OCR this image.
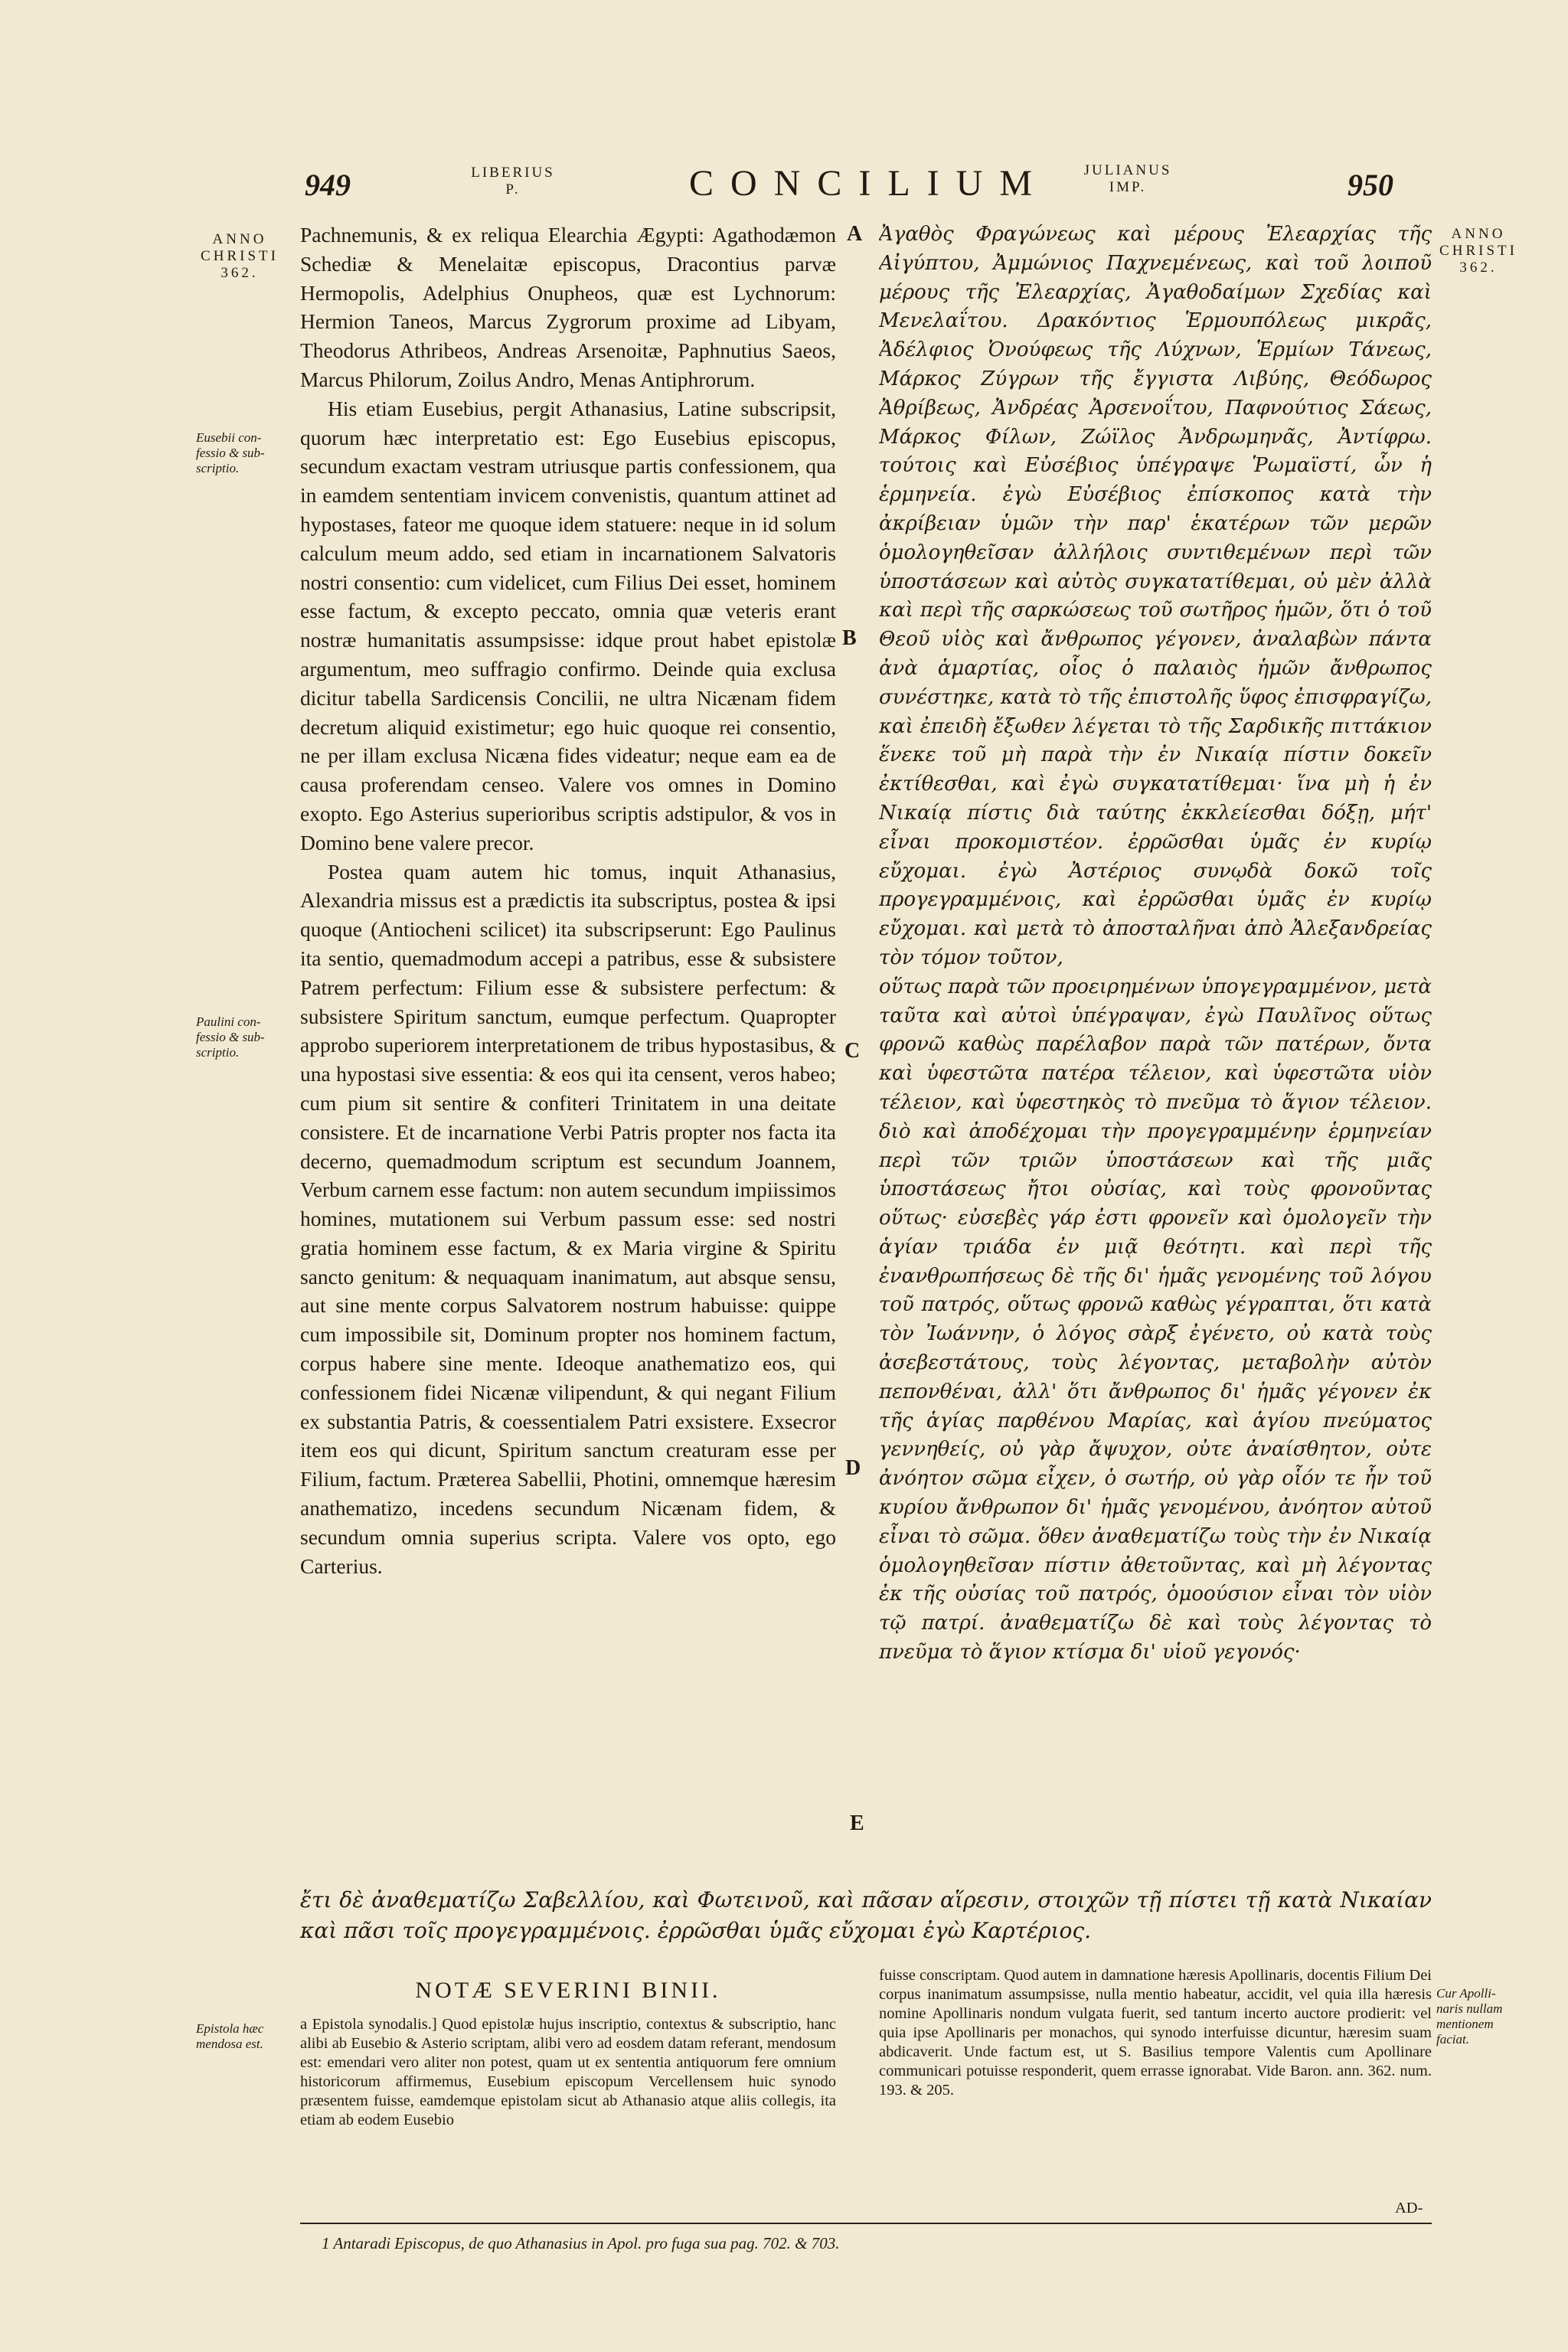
949	LIBERIUS
P.	CONCILIUM	JULIANUS
IMP.	950
ANNO
CHRISTI
362.
Eusebii con-
fessio & sub-
scriptio.
Paulini con-
fessio & sub-
scriptio.
Epistola hæc
mendosa est.
ANNO
CHRISTI
362.
Cur Apolli-
naris nullam
mentionem
faciat.
A
B
C
D
E

Pachnemunis, & ex reliqua Elearchia Ægypti: Agathodæmon Schediæ & Menelaitæ episcopus, Dracontius parvæ Hermopolis, Adelphius Onupheos, quæ est Lychnorum: Hermion Taneos, Marcus Zygrorum proxime ad Libyam, Theodorus Athribeos, Andreas Arsenoitæ, Paphnutius Saeos, Marcus Philorum, Zoilus Andro, Menas Antiphrorum.

His etiam Eusebius, pergit Athanasius, Latine subscripsit, quorum hæc interpretatio est: Ego Eusebius episcopus, secundum exactam vestram utriusque partis confessionem, qua in eamdem sententiam invicem convenistis, quantum attinet ad hypostases, fateor me quoque idem statuere: neque in id solum calculum meum addo, sed etiam in incarnationem Salvatoris nostri consentio: cum videlicet, cum Filius Dei esset, hominem esse factum, & excepto peccato, omnia quæ veteris erant nostræ humanitatis assumpsisse: idque prout habet epistolæ argumentum, meo suffragio confirmo. Deinde quia exclusa dicitur tabella Sardicensis Concilii, ne ultra Nicænam fidem decretum aliquid existimetur; ego huic quoque rei consentio, ne per illam exclusa Nicæna fides videatur; neque eam ea de causa proferendam censeo. Valere vos omnes in Domino exopto. Ego Asterius superioribus scriptis adstipulor, & vos in Domino bene valere precor.

Postea quam autem hic tomus, inquit Athanasius, Alexandria missus est a prædictis ita subscriptus, postea & ipsi quoque (Antiocheni scilicet) ita subscripserunt: Ego Paulinus ita sentio, quemadmodum accepi a patribus, esse & subsistere Patrem perfectum: Filium esse & subsistere perfectum: & subsistere Spiritum sanctum, eumque perfectum. Quapropter approbo superiorem interpretationem de tribus hypostasibus, & una hypostasi sive essentia: & eos qui ita censent, veros habeo; cum pium sit sentire & confiteri Trinitatem in una deitate consistere. Et de incarnatione Verbi Patris propter nos facta ita decerno, quemadmodum scriptum est secundum Joannem, Verbum carnem esse factum: non autem secundum impiissimos homines, mutationem sui Verbum passum esse: sed nostri gratia hominem esse factum, & ex Maria virgine & Spiritu sancto genitum: & nequaquam inanimatum, aut absque sensu, aut sine mente corpus Salvatorem nostrum habuisse: quippe cum impossibile sit, Dominum propter nos hominem factum, corpus habere sine mente. Ideoque anathematizo eos, qui confessionem fidei Nicænæ vilipendunt, & qui negant Filium ex substantia Patris, & coessentialem Patri exsistere. Exsecror item eos qui dicunt, Spiritum sanctum creaturam esse per Filium, factum. Præterea Sabellii, Photini, omnemque hæresim anathematizo, incedens secundum Nicænam fidem, & secundum omnia superius scripta. Valere vos opto, ego Carterius.

Ἀγαθὸς Φραγώνεως καὶ μέρους Ἐλεαρχίας τῆς Αἰγύπτου, Ἀμμώνιος Παχνεμένεως, καὶ τοῦ λοιποῦ μέρους τῆς Ἐλεαρχίας, Ἀγαθοδαίμων Σχεδίας καὶ Μενελαΐτου. Δρακόντιος Ἑρμουπόλεως μικρᾶς, Ἀδέλφιος Ὀνούφεως τῆς Λύχνων, Ἑρμίων Τάνεως, Μάρκος Ζύγρων τῆς ἔγγιστα Λιβύης, Θεόδωρος Ἀθρίβεως, Ἀνδρέας Ἀρσενοΐτου, Παφνούτιος Σάεως, Μάρκος Φίλων, Ζώϊλος Ἀνδρωμηνᾶς, Ἀντίφρω. τούτοις καὶ Εὐσέβιος ὑπέγραψε Ῥωμαϊστί, ὧν ἡ ἑρμηνεία. ἐγὼ Εὐσέβιος ἐπίσκοπος κατὰ τὴν ἀκρίβειαν ὑμῶν τὴν παρ' ἑκατέρων τῶν μερῶν ὁμολογηθεῖσαν ἀλλήλοις συντιθεμένων περὶ τῶν ὑποστάσεων καὶ αὐτὸς συγκατατίθεμαι, οὐ μὲν ἀλλὰ καὶ περὶ τῆς σαρκώσεως τοῦ σωτῆρος ἡμῶν, ὅτι ὁ τοῦ Θεοῦ υἱὸς καὶ ἄνθρωπος γέγονεν, ἀναλαβὼν πάντα ἀνὰ ἁμαρτίας, οἷος ὁ παλαιὸς ἡμῶν ἄνθρωπος συνέστηκε, κατὰ τὸ τῆς ἐπιστολῆς ὕφος ἐπισφραγίζω, καὶ ἐπειδὴ ἔξωθεν λέγεται τὸ τῆς Σαρδικῆς πιττάκιον ἕνεκε τοῦ μὴ παρὰ τὴν ἐν Νικαίᾳ πίστιν δοκεῖν ἐκτίθεσθαι, καὶ ἐγὼ συγκατατίθεμαι· ἵνα μὴ ἡ ἐν Νικαίᾳ πίστις διὰ ταύτης ἐκκλείεσθαι δόξῃ, μήτ' εἶναι προκομιστέον. ἐρρῶσθαι ὑμᾶς ἐν κυρίῳ εὔχομαι. ἐγὼ Ἀστέριος συνῳδὰ δοκῶ τοῖς προγεγραμμένοις, καὶ ἐρρῶσθαι ὑμᾶς ἐν κυρίῳ εὔχομαι. καὶ μετὰ τὸ ἀποσταλῆναι ἀπὸ Ἀλεξανδρείας τὸν τόμον τοῦτον,

οὕτως παρὰ τῶν προειρημένων ὑπογεγραμμένον, μετὰ ταῦτα καὶ αὐτοὶ ὑπέγραψαν, ἐγὼ Παυλῖνος οὕτως φρονῶ καθὼς παρέλαβον παρὰ τῶν πατέρων, ὄντα καὶ ὑφεστῶτα πατέρα τέλειον, καὶ ὑφεστῶτα υἱὸν τέλειον, καὶ ὑφεστηκὸς τὸ πνεῦμα τὸ ἅγιον τέλειον. διὸ καὶ ἀποδέχομαι τὴν προγεγραμμένην ἑρμηνείαν περὶ τῶν τριῶν ὑποστάσεων καὶ τῆς μιᾶς ὑποστάσεως ἤτοι οὐσίας, καὶ τοὺς φρονοῦντας οὕτως· εὐσεβὲς γάρ ἐστι φρονεῖν καὶ ὁμολογεῖν τὴν ἁγίαν τριάδα ἐν μιᾷ θεότητι. καὶ περὶ τῆς ἐνανθρωπήσεως δὲ τῆς δι' ἡμᾶς γενομένης τοῦ λόγου τοῦ πατρός, οὕτως φρονῶ καθὼς γέγραπται, ὅτι κατὰ τὸν Ἰωάννην, ὁ λόγος σὰρξ ἐγένετο, οὐ κατὰ τοὺς ἀσεβεστάτους, τοὺς λέγοντας, μεταβολὴν αὐτὸν πεπονθέναι, ἀλλ' ὅτι ἄνθρωπος δι' ἡμᾶς γέγονεν ἐκ τῆς ἁγίας παρθένου Μαρίας, καὶ ἁγίου πνεύματος γεννηθείς, οὐ γὰρ ἄψυχον, οὐτε ἀναίσθητον, οὐτε ἀνόητον σῶμα εἶχεν, ὁ σωτήρ, οὐ γὰρ οἷόν τε ἦν τοῦ κυρίου ἄνθρωπον δι' ἡμᾶς γενομένου, ἀνόητον αὐτοῦ εἶναι τὸ σῶμα. ὅθεν ἀναθεματίζω τοὺς τὴν ἐν Νικαίᾳ ὁμολογηθεῖσαν πίστιν ἀθετοῦντας, καὶ μὴ λέγοντας ἐκ τῆς οὐσίας τοῦ πατρός, ὁμοούσιον εἶναι τὸν υἱὸν τῷ πατρί. ἀναθεματίζω δὲ καὶ τοὺς λέγοντας τὸ πνεῦμα τὸ ἅγιον κτίσμα δι' υἱοῦ γεγονός·

ἔτι δὲ ἀναθεματίζω Σαβελλίου, καὶ Φωτεινοῦ, καὶ πᾶσαν αἵρεσιν, στοιχῶν τῇ πίστει τῇ κατὰ Νικαίαν καὶ πᾶσι τοῖς προγεγραμμένοις. ἐρρῶσθαι ὑμᾶς εὔχομαι ἐγὼ Καρτέριος.
NOTÆ SEVERINI BINII.

a Epistola synodalis.] Quod epistolæ hujus inscriptio, contextus & subscriptio, hanc alibi ab Eusebio & Asterio scriptam, alibi vero ad eosdem datam referant, mendosum est: emendari vero aliter non potest, quam ut ex sententia antiquorum fere omnium historicorum affirmemus, Eusebium episcopum Vercellensem huic synodo præsentem fuisse, eamdemque epistolam sicut ab Athanasio atque aliis collegis, ita etiam ab eodem Eusebio

fuisse conscriptam. Quod autem in damnatione hæresis Apollinaris, docentis Filium Dei corpus inanimatum assumpsisse, nulla mentio habeatur, accidit, vel quia illa hæresis nomine Apollinaris nondum vulgata fuerit, sed tantum incerto auctore prodierit: vel quia ipse Apollinaris per monachos, qui synodo interfuisse dicuntur, hæresim suam abdicaverit. Unde factum est, ut S. Basilius tempore Valentis cum Apollinare communicari potuisse responderit, quem errasse ignorabat. Vide Baron. ann. 362. num. 193. & 205.

AD-
1 Antaradi Episcopus, de quo Athanasius in Apol. pro fuga sua pag. 702. & 703.
